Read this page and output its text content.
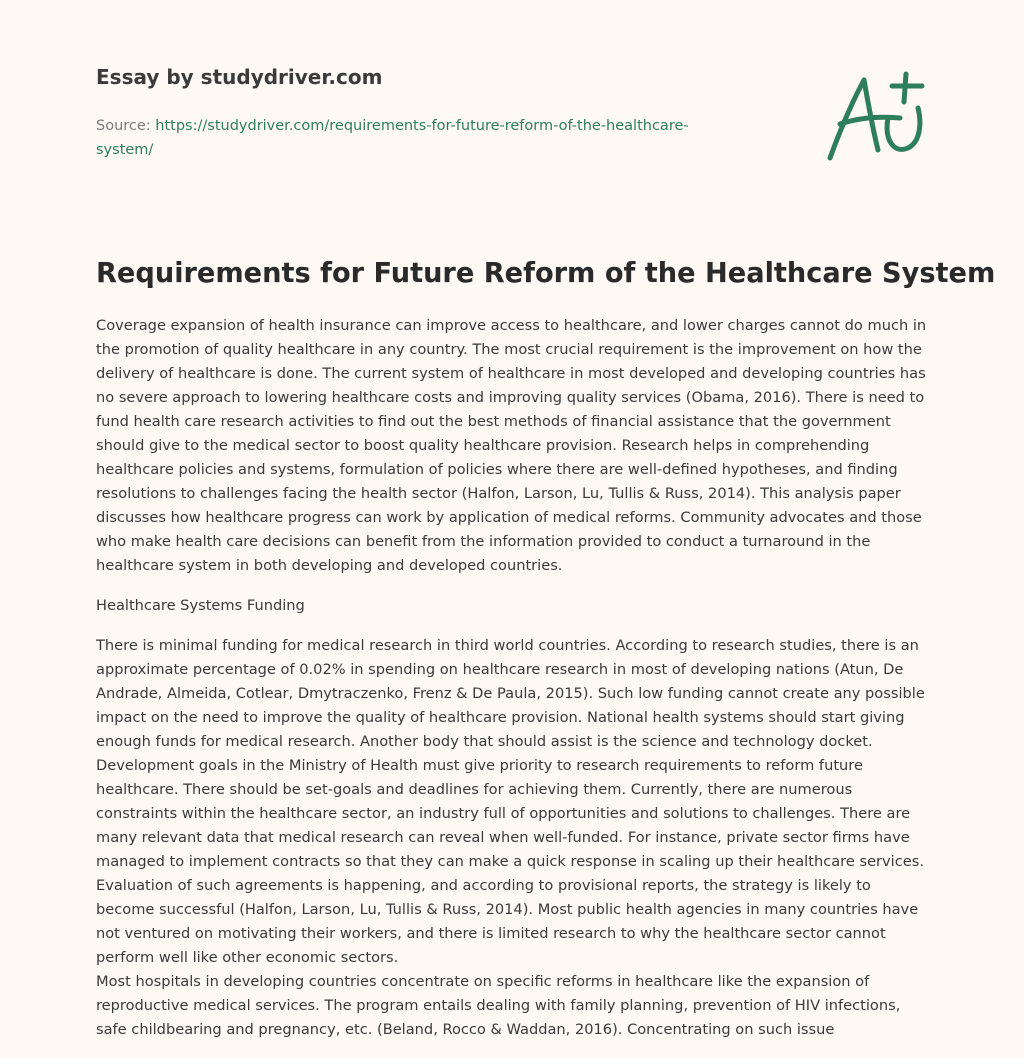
Essay by studydriver.com
Source: https://studydriver.com/requirements-for-future-reform-of-the-healthcare-system/
Requirements for Future Reform of the Healthcare System

Coverage expansion of health insurance can improve access to healthcare, and lower charges cannot do much in the promotion of quality healthcare in any country. The most crucial requirement is the improvement on how the delivery of healthcare is done. The current system of healthcare in most developed and developing countries has no severe approach to lowering healthcare costs and improving quality services (Obama, 2016). There is need to fund health care research activities to find out the best methods of financial assistance that the government should give to the medical sector to boost quality healthcare provision. Research helps in comprehending healthcare policies and systems, formulation of policies where there are well-defined hypotheses, and finding resolutions to challenges facing the health sector (Halfon, Larson, Lu, Tullis & Russ, 2014). This analysis paper discusses how healthcare progress can work by application of medical reforms. Community advocates and those who make health care decisions can benefit from the information provided to conduct a turnaround in the healthcare system in both developing and developed countries.

Healthcare Systems Funding

There is minimal funding for medical research in third world countries. According to research studies, there is an approximate percentage of 0.02% in spending on healthcare research in most of developing nations (Atun, De Andrade, Almeida, Cotlear, Dmytraczenko, Frenz & De Paula, 2015). Such low funding cannot create any possible impact on the need to improve the quality of healthcare provision. National health systems should start giving enough funds for medical research. Another body that should assist is the science and technology docket. Development goals in the Ministry of Health must give priority to research requirements to reform future healthcare. There should be set-goals and deadlines for achieving them. Currently, there are numerous constraints within the healthcare sector, an industry full of opportunities and solutions to challenges. There are many relevant data that medical research can reveal when well-funded. For instance, private sector firms have managed to implement contracts so that they can make a quick response in scaling up their healthcare services. Evaluation of such agreements is happening, and according to provisional reports, the strategy is likely to become successful (Halfon, Larson, Lu, Tullis & Russ, 2014). Most public health agencies in many countries have not ventured on motivating their workers, and there is limited research to why the healthcare sector cannot perform well like other economic sectors.

Most hospitals in developing countries concentrate on specific reforms in healthcare like the expansion of reproductive medical services. The program entails dealing with family planning, prevention of HIV infections, safe childbearing and pregnancy, etc. (Beland, Rocco & Waddan, 2016). Concentrating on such issue
